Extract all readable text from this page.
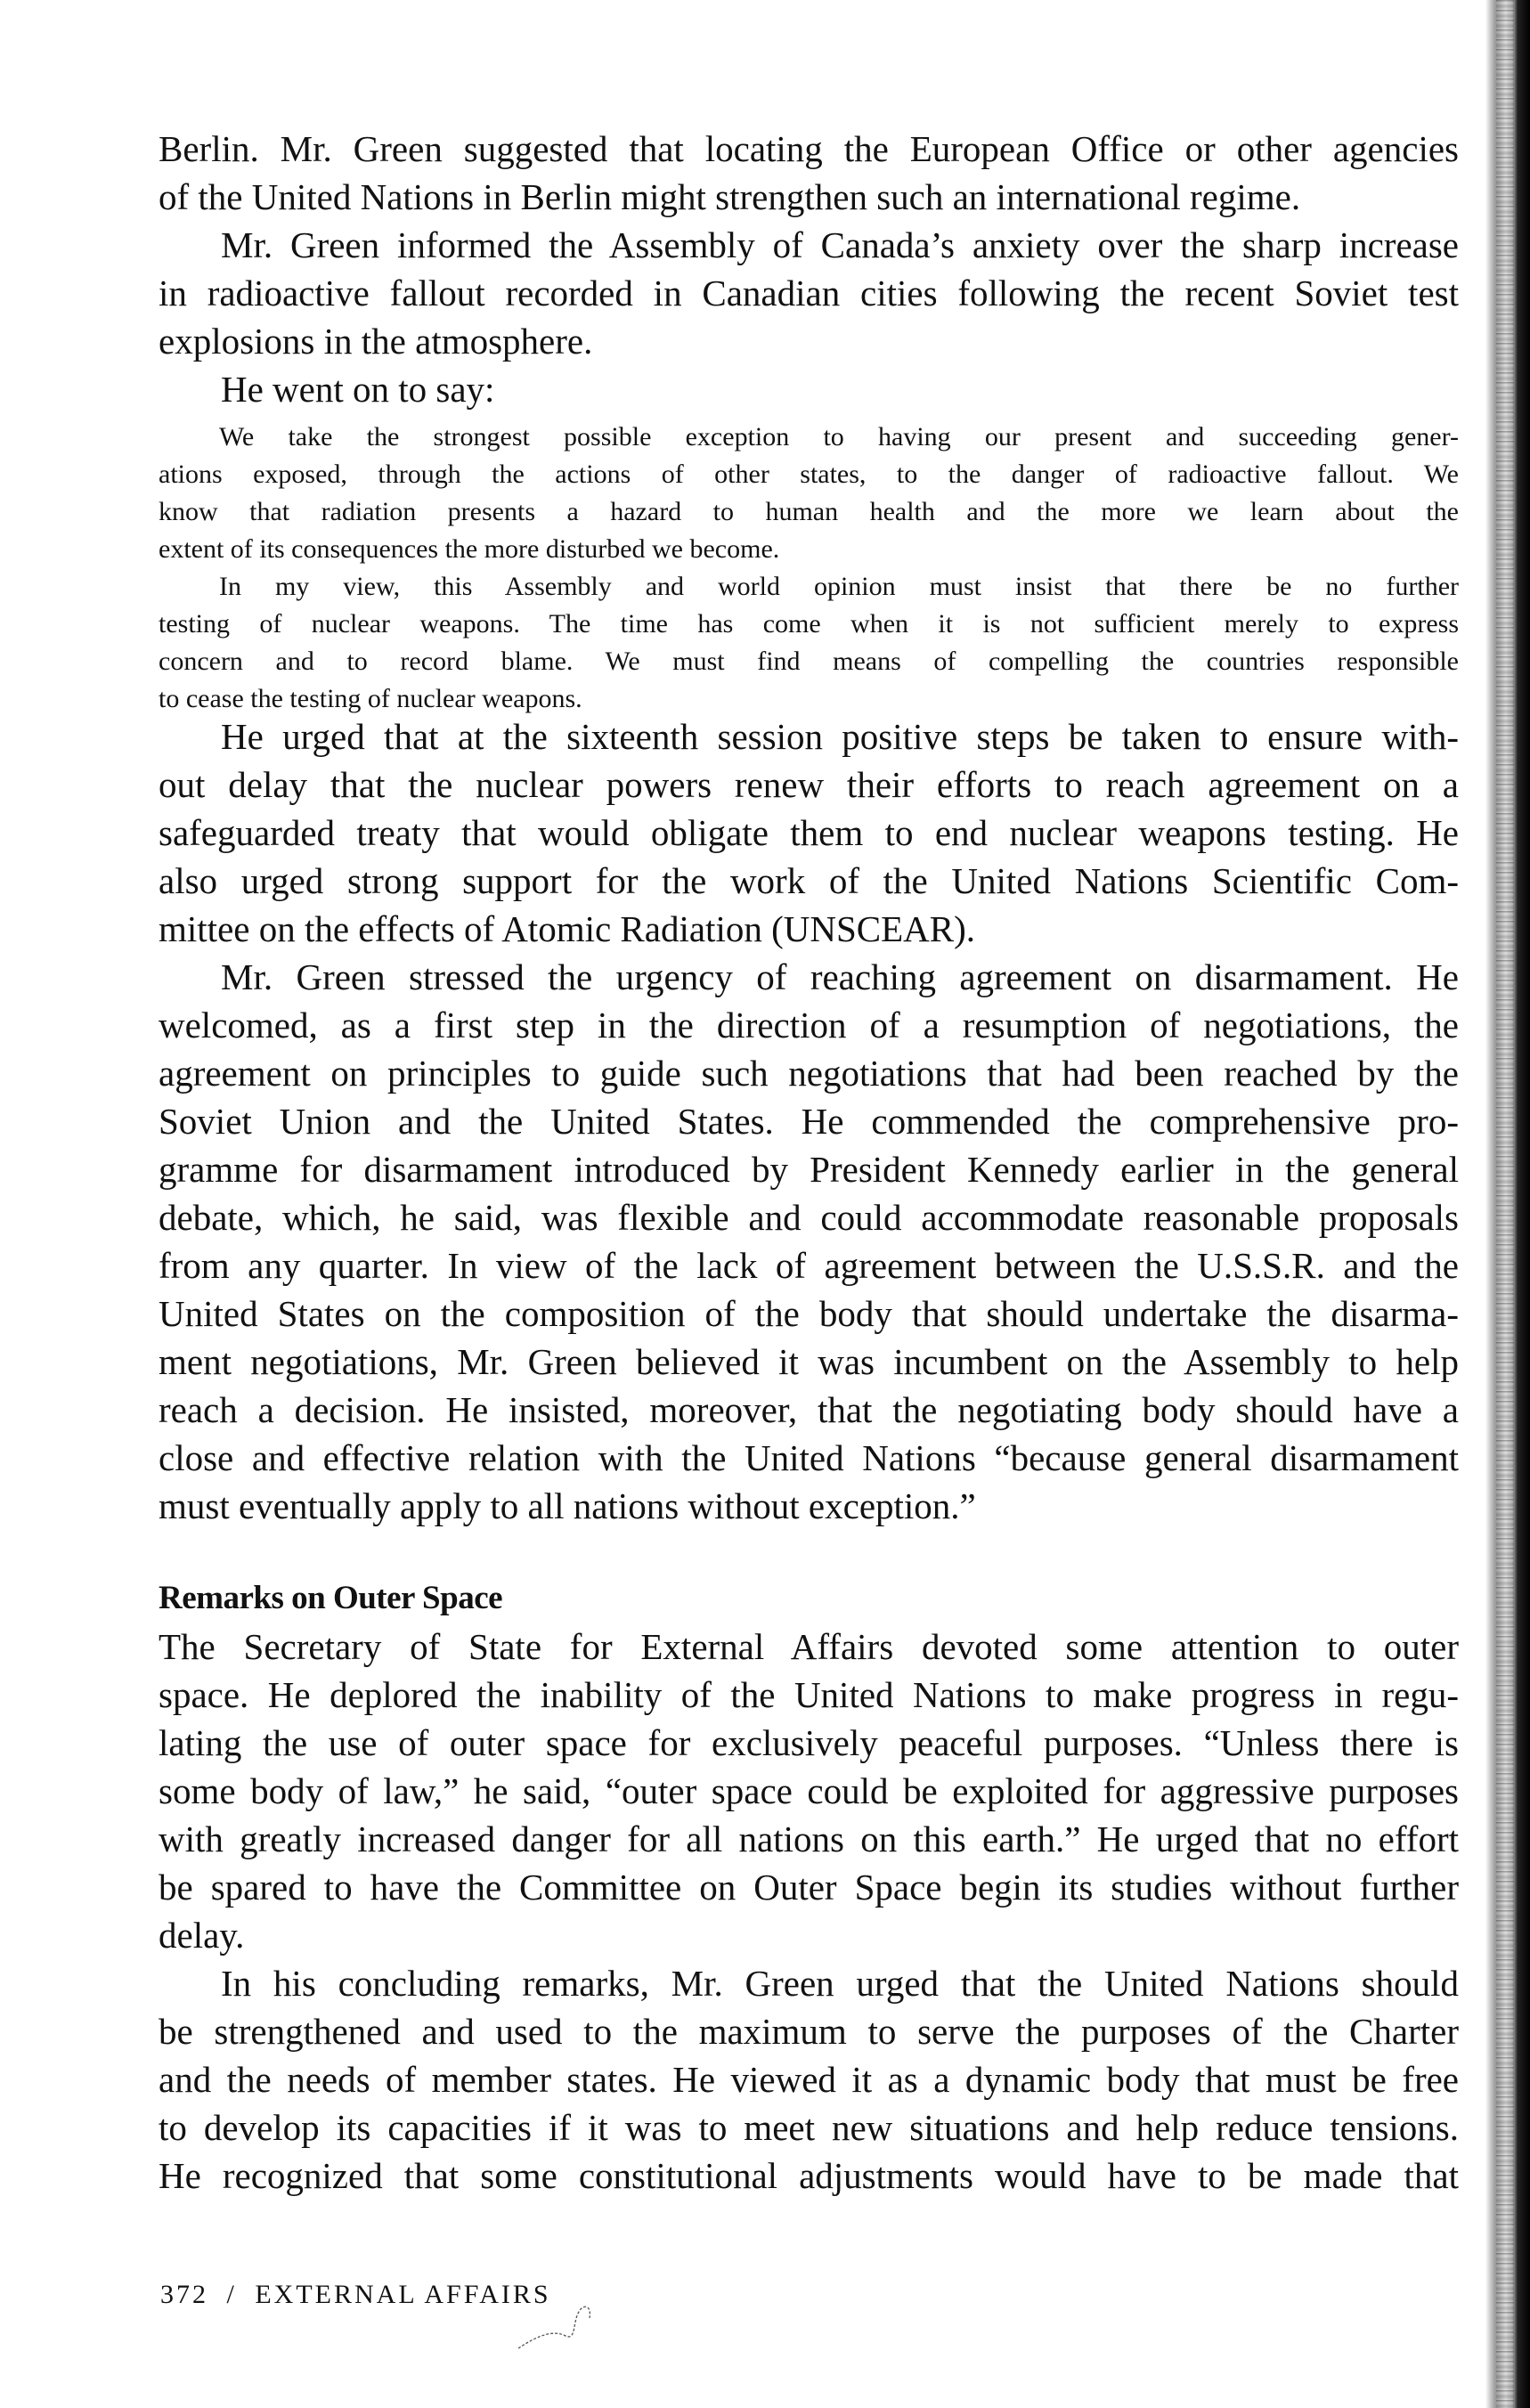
Berlin. Mr. Green suggested that locating the European Office or other agencies
of the United Nations in Berlin might strengthen such an international regime.
Mr. Green informed the Assembly of Canada’s anxiety over the sharp increase
in radioactive fallout recorded in Canadian cities following the recent Soviet test
explosions in the atmosphere.
He went on to say:
We take the strongest possible exception to having our present and succeeding gener-
ations exposed, through the actions of other states, to the danger of radioactive fallout. We
know that radiation presents a hazard to human health and the more we learn about the
extent of its consequences the more disturbed we become.
In my view, this Assembly and world opinion must insist that there be no further
testing of nuclear weapons. The time has come when it is not sufficient merely to express
concern and to record blame. We must find means of compelling the countries responsible
to cease the testing of nuclear weapons.
He urged that at the sixteenth session positive steps be taken to ensure with-
out delay that the nuclear powers renew their efforts to reach agreement on a
safeguarded treaty that would obligate them to end nuclear weapons testing. He
also urged strong support for the work of the United Nations Scientific Com-
mittee on the effects of Atomic Radiation (UNSCEAR).
Mr. Green stressed the urgency of reaching agreement on disarmament. He
welcomed, as a first step in the direction of a resumption of negotiations, the
agreement on principles to guide such negotiations that had been reached by the
Soviet Union and the United States. He commended the comprehensive pro-
gramme for disarmament introduced by President Kennedy earlier in the general
debate, which, he said, was flexible and could accommodate reasonable proposals
from any quarter. In view of the lack of agreement between the U.S.S.R. and the
United States on the composition of the body that should undertake the disarma-
ment negotiations, Mr. Green believed it was incumbent on the Assembly to help
reach a decision. He insisted, moreover, that the negotiating body should have a
close and effective relation with the United Nations “because general disarmament
must eventually apply to all nations without exception.”
Remarks on Outer Space
The Secretary of State for External Affairs devoted some attention to outer
space. He deplored the inability of the United Nations to make progress in regu-
lating the use of outer space for exclusively peaceful purposes. “Unless there is
some body of law,” he said, “outer space could be exploited for aggressive purposes
with greatly increased danger for all nations on this earth.” He urged that no effort
be spared to have the Committee on Outer Space begin its studies without further
delay.
In his concluding remarks, Mr. Green urged that the United Nations should
be strengthened and used to the maximum to serve the purposes of the Charter
and the needs of member states. He viewed it as a dynamic body that must be free
to develop its capacities if it was to meet new situations and help reduce tensions.
He recognized that some constitutional adjustments would have to be made that
372 / EXTERNAL AFFAIRS
